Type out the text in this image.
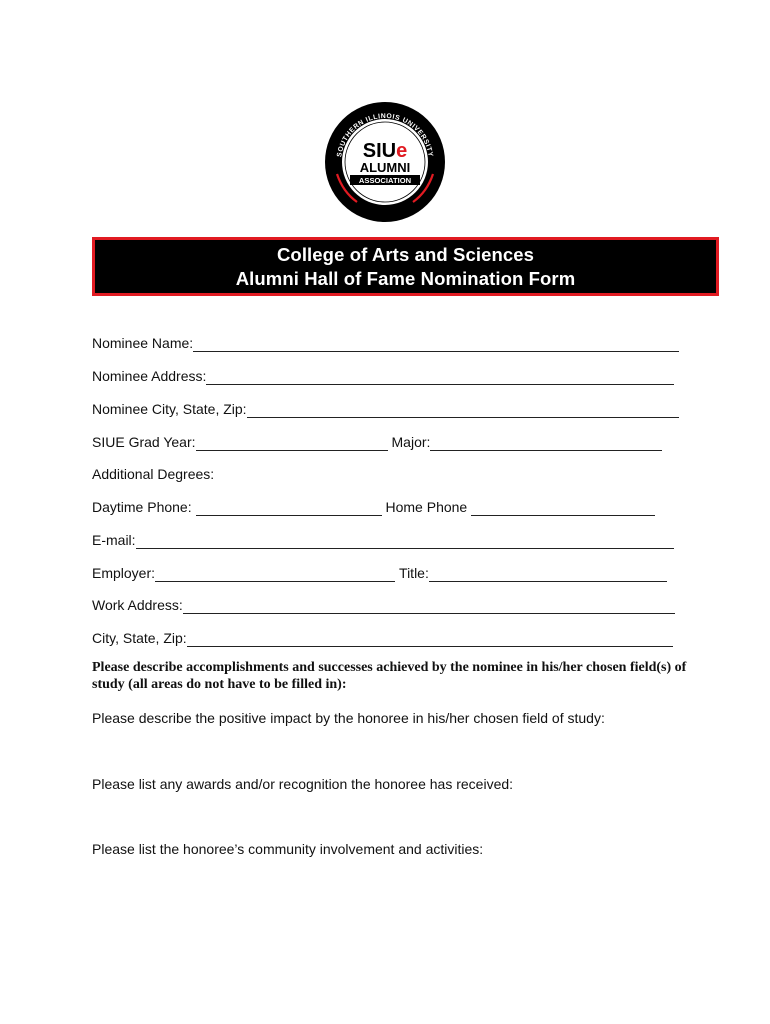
SOUTHERN ILLINOIS UNIVERSITY
EDWARDSVILLE
SIUe
ALUMNI
ASSOCIATION
College of Arts and Sciences
Alumni Hall of Fame Nomination Form
Nominee Name:
Nominee Address:
Nominee City, State, Zip:
SIUE Grad Year:	Major:
Additional Degrees:
Daytime Phone:	Home Phone
E-mail:
Employer:	Title:
Work Address:
City, State, Zip:
Please describe accomplishments and successes achieved by the nominee in his/her chosen field(s) of study (all areas do not have to be filled in):
Please describe the positive impact by the honoree in his/her chosen field of study:
Please list any awards and/or recognition the honoree has received:
Please list the honoree’s community involvement and activities:
